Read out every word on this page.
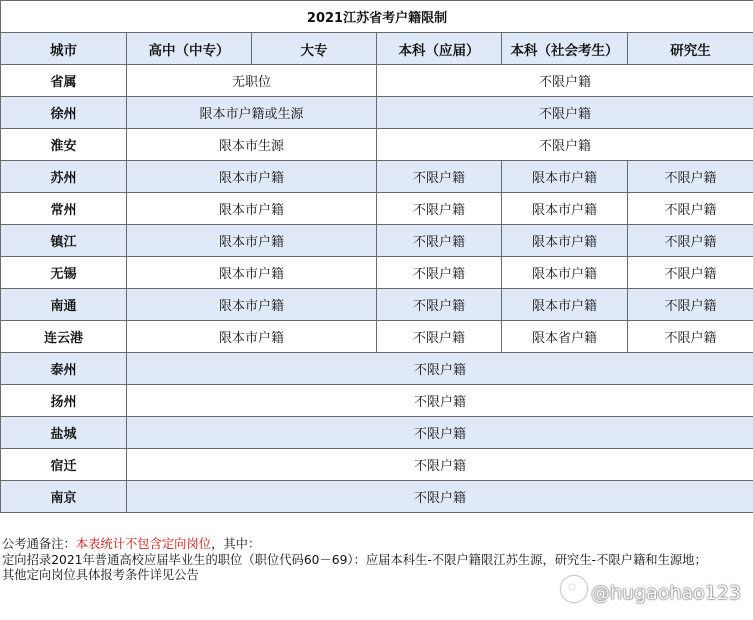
2021江苏省考户籍限制					
城市	高中（中专）	大专	本科（应届）	本科（社会考生）	研究生
省属	无职位		不限户籍		
徐州	限本市户籍或生源		不限户籍		
淮安	限本市生源		不限户籍		
苏州	限本市户籍		不限户籍	限本市户籍	不限户籍
常州	限本市户籍		不限户籍	限本市户籍	不限户籍
镇江	限本市户籍		不限户籍	限本市户籍	不限户籍
无锡	限本市户籍		不限户籍	限本市户籍	不限户籍
南通	限本市户籍		不限户籍	限本市户籍	不限户籍
连云港	限本市户籍		不限户籍	限本省户籍	不限户籍
泰州	不限户籍				
扬州	不限户籍				
盐城	不限户籍				
宿迁	不限户籍				
南京	不限户籍				
公考通备注：本表统计不包含定向岗位，其中：
定向招录2021年普通高校应届毕业生的职位（职位代码60－69）：应届本科生-不限户籍限江苏生源，研究生-不限户籍和生源地；
其他定向岗位具体报考条件详见公告
@hugaohao123
